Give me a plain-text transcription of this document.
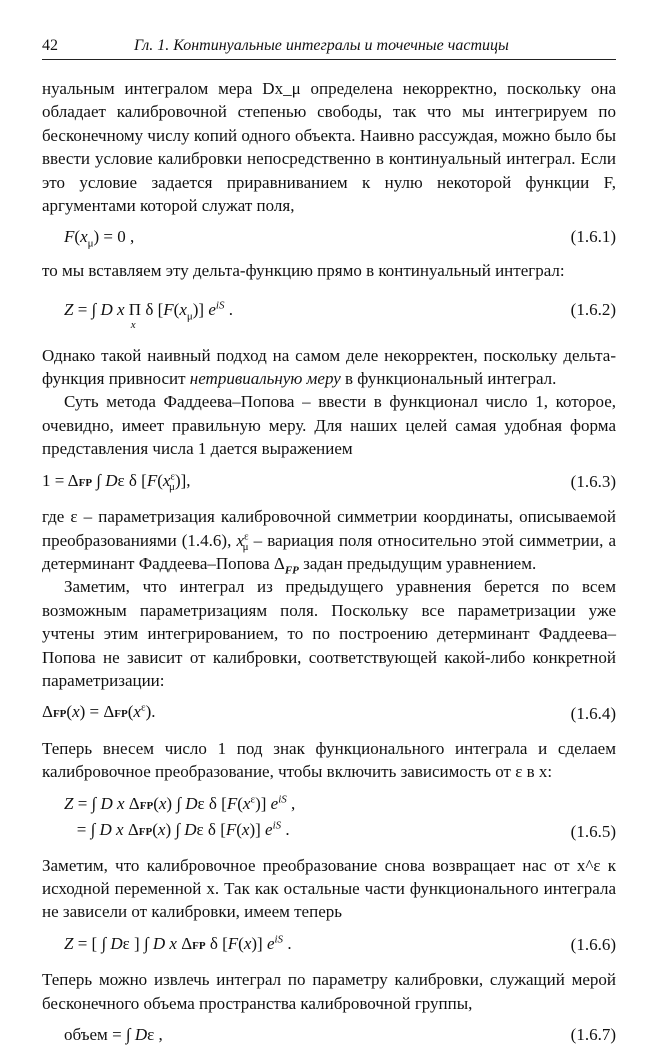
42	Гл. 1. Континуальные интегралы и точечные частицы

нуальным интегралом мера Dx_μ определена некорректно, поскольку она обладает калибровочной степенью свободы, так что мы интегрируем по бесконечному числу копий одного объекта. Наивно рассуждая, можно было бы ввести условие калибровки непосредственно в континуальный интеграл. Если это условие задается приравниванием к нулю некоторой функции F, аргументами которой служат поля,

$F(x_\mu) = 0$ ,	(1.6.1)

то мы вставляем эту дельта-функцию прямо в континуальный интеграл:

Z = ∫ D x Π
x
δ $[F(x_\mu)]$ $e^{iS}$ .	(1.6.2)

Однако такой наивный подход на самом деле некорректен, поскольку дельта-функция привносит нетривиальную меру в функциональный интеграл.

Суть метода Фаддеева–Попова – ввести в функционал число 1, которое, очевидно, имеет правильную меру. Для наших целей самая удобная форма представления числа 1 дается выражением

1 = ΔFP ∫ Dε δ $[F(x^\varepsilon_\mu)]$,	(1.6.3)

где ε – параметризация калибровочной симметрии координаты, описываемой преобразованиями (1.4.6), $x^\varepsilon_\mu$ – вариация поля относительно этой симметрии, а детерминант Фаддеева–Попова $\Delta_{FP}$ задан предыдущим уравнением.

Заметим, что интеграл из предыдущего уравнения берется по всем возможным параметризациям поля. Поскольку все параметризации уже учтены этим интегрированием, то по построению детерминант Фаддеева–Попова не зависит от калибровки, соответствующей какой-либо конкретной параметризации:

$\Delta FP(x) = \Delta FP(x^\varepsilon)$.	(1.6.4)

Теперь внесем число 1 под знак функционального интеграла и сделаем калибровочное преобразование, чтобы включить зависимость от ε в x:

Z = ∫ D x ΔFP(x) ∫ Dε δ $[F(x^\varepsilon)]$ $e^{iS}$ ,
= ∫ D x ΔFP(x) ∫ Dε δ [F(x)] $e^{iS}$ .	(1.6.5)

Заметим, что калибровочное преобразование снова возвращает нас от x^ε к исходной переменной x. Так как остальные части функционального интеграла не зависели от калибровки, имеем теперь

Z = [ ∫ Dε ] ∫ D x ΔFP δ [F(x)] $e^{iS}$ .	(1.6.6)

Теперь можно извлечь интеграл по параметру калибровки, служащий мерой бесконечного объема пространства калибровочной группы,

объем = ∫ Dε ,	(1.6.7)
